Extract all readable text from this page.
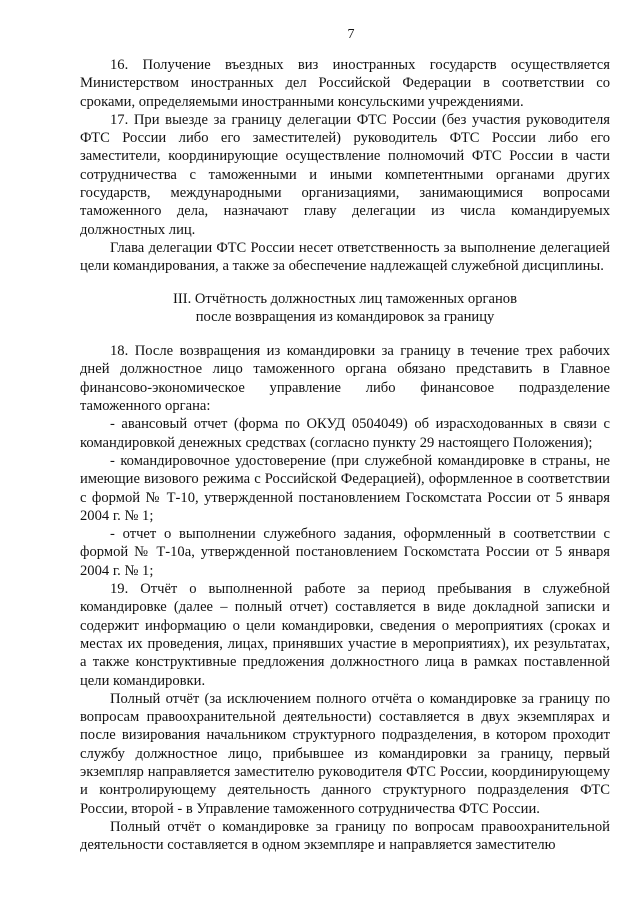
7

16. Получение въездных виз иностранных государств осуществляется Министерством иностранных дел Российской Федерации в соответствии со сроками, определяемыми иностранными консульскими учреждениями.

17. При выезде за границу делегации ФТС России (без участия руководителя ФТС России либо его заместителей) руководитель ФТС России либо его заместители, координирующие осуществление полномочий ФТС России в части сотрудничества с таможенными и иными компетентными органами других государств, международными организациями, занимающимися вопросами таможенного дела, назначают главу делегации из числа командируемых должностных лиц.

Глава делегации ФТС России несет ответственность за выполнение делегацией цели командирования, а также за обеспечение надлежащей служебной дисциплины.

III. Отчётность должностных лиц таможенных органов
после возвращения из командировок за границу

18. После возвращения из командировки за границу в течение трех рабочих дней должностное лицо таможенного органа обязано представить в Главное финансово-экономическое управление либо финансовое подразделение таможенного органа:

- авансовый отчет (форма по ОКУД 0504049) об израсходованных в связи с командировкой денежных средствах (согласно пункту 29 настоящего Положения);

- командировочное удостоверение (при служебной командировке в страны, не имеющие визового режима с Российской Федерацией), оформленное в соответствии с формой № Т-10, утвержденной постановлением Госкомстата России от 5 января 2004 г. № 1;

- отчет о выполнении служебного задания, оформленный в соответствии с формой № Т-10а, утвержденной постановлением Госкомстата России от 5 января 2004 г. № 1;

19. Отчёт о выполненной работе за период пребывания в служебной командировке (далее – полный отчет) составляется в виде докладной записки и содержит информацию о цели командировки, сведения о мероприятиях (сроках и местах их проведения, лицах, принявших участие в мероприятиях), их результатах, а также конструктивные предложения должностного лица в рамках поставленной цели командировки.

Полный отчёт (за исключением полного отчёта о командировке за границу по вопросам правоохранительной деятельности) составляется в двух экземплярах и после визирования начальником структурного подразделения, в котором проходит службу должностное лицо, прибывшее из командировки за границу, первый экземпляр направляется заместителю руководителя ФТС России, координирующему и контролирующему деятельность данного структурного подразделения ФТС России, второй - в Управление таможенного сотрудничества ФТС России.

Полный отчёт о командировке за границу по вопросам правоохранительной деятельности составляется в одном экземпляре и направляется заместителю
